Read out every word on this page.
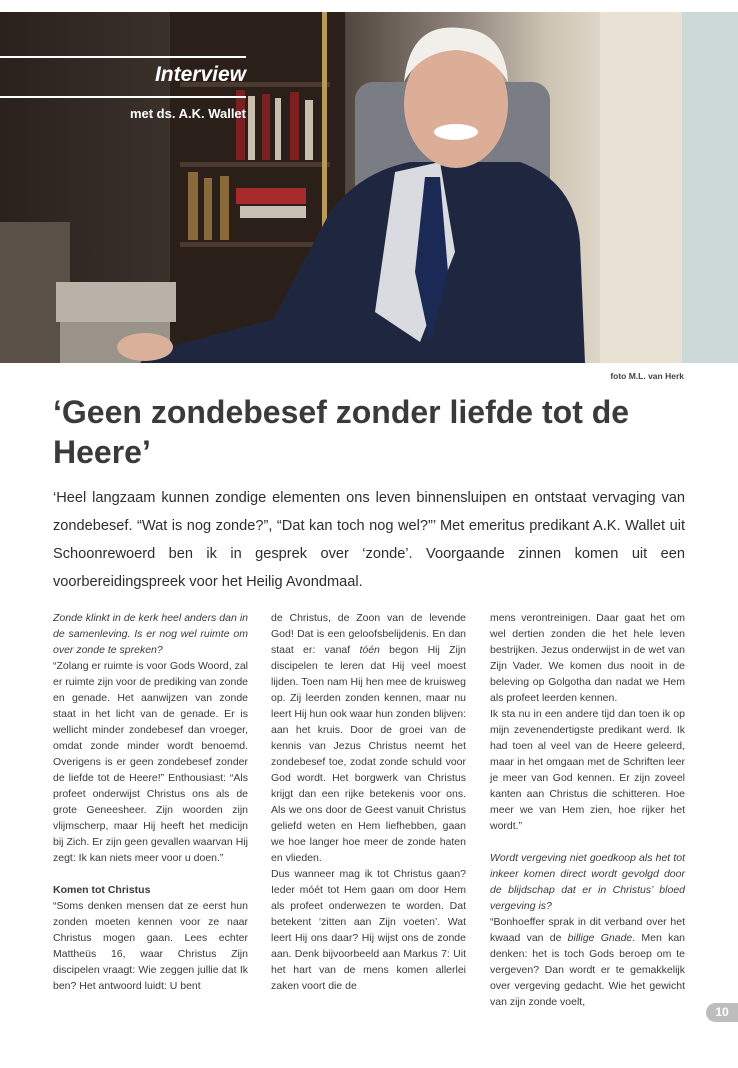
Interview
met ds. A.K. Wallet
foto M.L. van Herk
‘Geen zondebesef zonder liefde tot de Heere’

‘Heel langzaam kunnen zondige elementen ons leven binnensluipen en ontstaat vervaging van zondebesef. “Wat is nog zonde?”, “Dat kan toch nog wel?”’ Met emeritus predikant A.K. Wallet uit Schoonrewoerd ben ik in gesprek over ‘zonde’. Voorgaande zinnen komen uit een voorbereidingspreek voor het Heilig Avondmaal.

Zonde klinkt in de kerk heel anders dan in de samenleving. Is er nog wel ruimte om over zonde te spreken?

“Zolang er ruimte is voor Gods Woord, zal er ruimte zijn voor de prediking van zonde en genade. Het aanwijzen van zonde staat in het licht van de genade. Er is wellicht minder zondebesef dan vroeger, omdat zonde minder wordt benoemd. Overigens is er geen zondebesef zonder de liefde tot de Heere!” Enthousiast: “Als profeet onderwijst Christus ons als de grote Geneesheer. Zijn woorden zijn vlijmscherp, maar Hij heeft het medicijn bij Zich. Er zijn geen gevallen waarvan Hij zegt: Ik kan niets meer voor u doen.”

Komen tot Christus

“Soms denken mensen dat ze eerst hun zonden moeten kennen voor ze naar Christus mogen gaan. Lees echter Mattheüs 16, waar Christus Zijn discipelen vraagt: Wie zeggen jullie dat Ik ben? Het antwoord luidt: U bent

de Christus, de Zoon van de levende God! Dat is een geloofsbelijdenis. En dan staat er: vanaf tóén begon Hij Zijn discipelen te leren dat Hij veel moest lijden. Toen nam Hij hen mee de kruisweg op. Zij leerden zonden kennen, maar nu leert Hij hun ook waar hun zonden blijven: aan het kruis. Door de groei van de kennis van Jezus Christus neemt het zondebesef toe, zodat zonde schuld voor God wordt. Het borgwerk van Christus krijgt dan een rijke betekenis voor ons. Als we ons door de Geest vanuit Christus geliefd weten en Hem liefhebben, gaan we hoe langer hoe meer de zonde haten en vlieden.

Dus wanneer mag ik tot Christus gaan? Ieder móét tot Hem gaan om door Hem als profeet onderwezen te worden. Dat betekent ‘zitten aan Zijn voeten’. Wat leert Hij ons daar? Hij wijst ons de zonde aan. Denk bijvoorbeeld aan Markus 7: Uit het hart van de mens komen allerlei zaken voort die de

mens verontreinigen. Daar gaat het om wel dertien zonden die het hele leven bestrijken. Jezus onderwijst in de wet van Zijn Vader. We komen dus nooit in de beleving op Golgotha dan nadat we Hem als profeet leerden kennen.

Ik sta nu in een andere tijd dan toen ik op mijn zevenendertigste predikant werd. Ik had toen al veel van de Heere geleerd, maar in het omgaan met de Schriften leer je meer van God kennen. Er zijn zoveel kanten aan Christus die schitteren. Hoe meer we van Hem zien, hoe rijker het wordt.”

Wordt vergeving niet goedkoop als het tot inkeer komen direct wordt gevolgd door de blijdschap dat er in Christus’ bloed vergeving is?

“Bonhoeffer sprak in dit verband over het kwaad van de billige Gnade. Men kan denken: het is toch Gods beroep om te vergeven? Dan wordt er te gemakkelijk over vergeving gedacht. Wie het gewicht van zijn zonde voelt,

10
